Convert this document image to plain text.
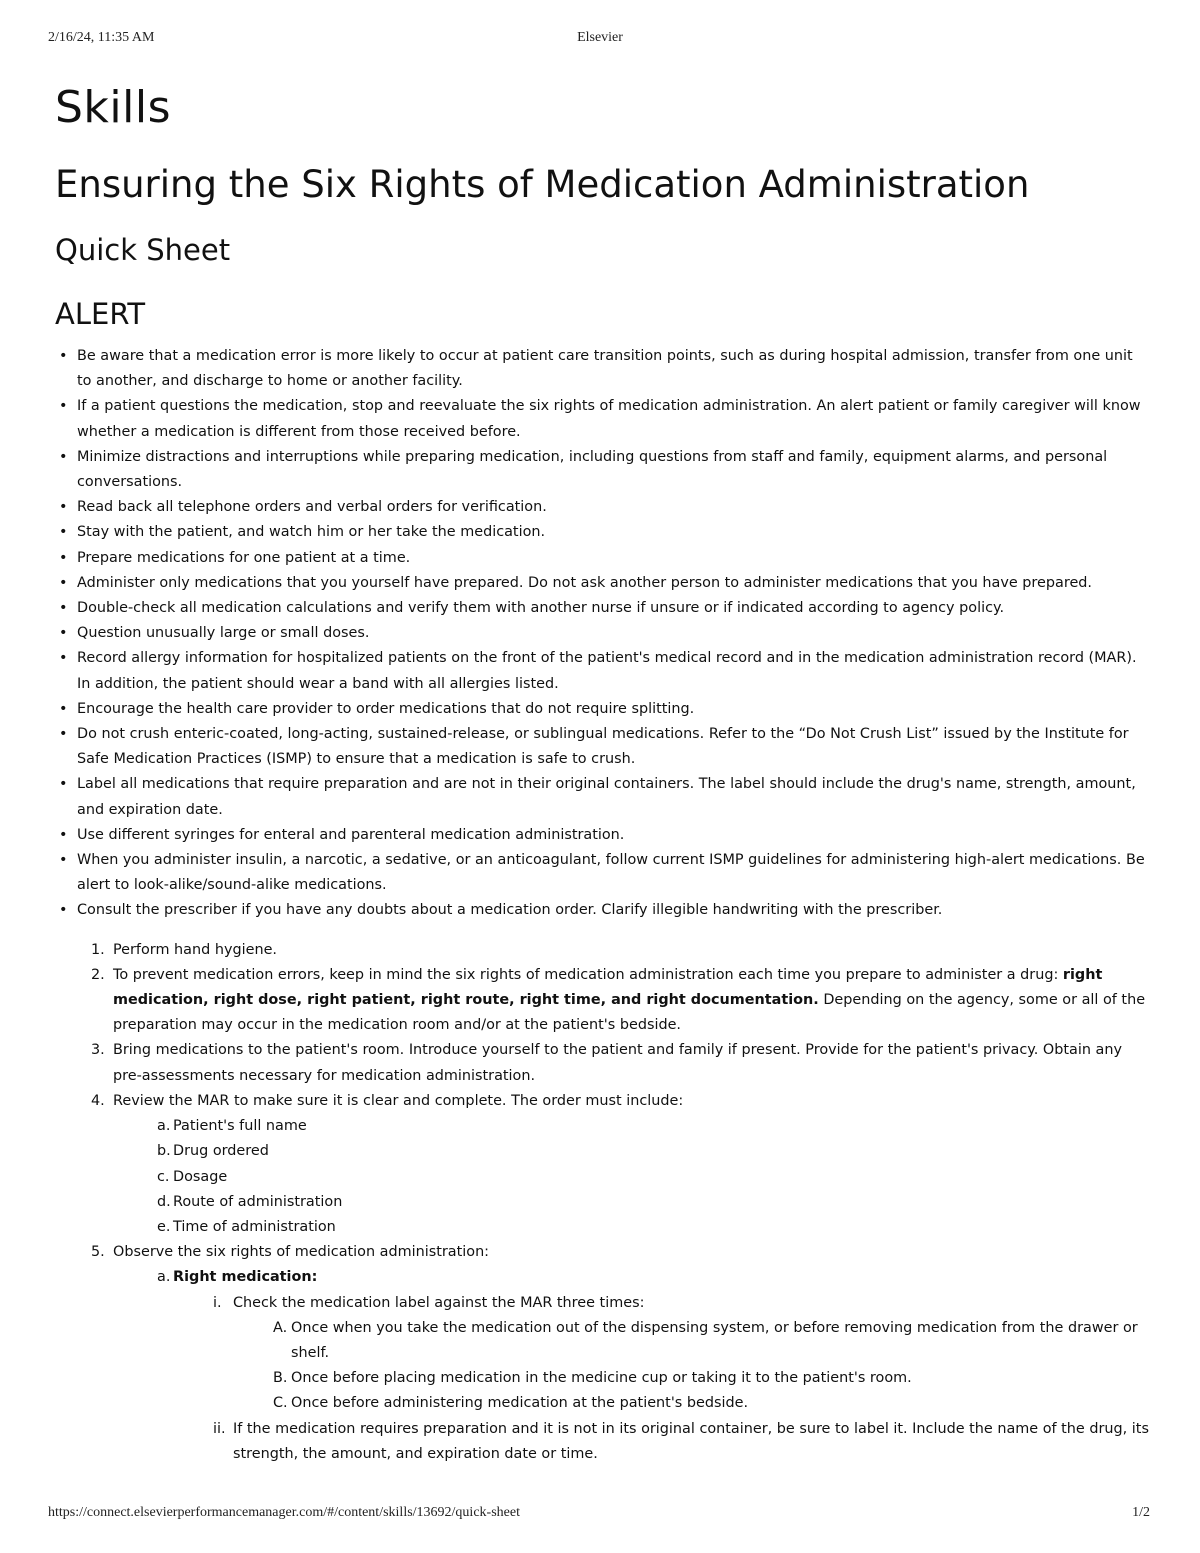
2/16/24, 11:35 AM	Elsevier
Skills
Ensuring the Six Rights of Medication Administration
Quick Sheet
ALERT
• Be aware that a medication error is more likely to occur at patient care transition points, such as during hospital admission, transfer from one unit to another, and discharge to home or another facility.
• If a patient questions the medication, stop and reevaluate the six rights of medication administration. An alert patient or family caregiver will know whether a medication is different from those received before.
• Minimize distractions and interruptions while preparing medication, including questions from staff and family, equipment alarms, and personal conversations.
• Read back all telephone orders and verbal orders for verification.
• Stay with the patient, and watch him or her take the medication.
• Prepare medications for one patient at a time.
• Administer only medications that you yourself have prepared. Do not ask another person to administer medications that you have prepared.
• Double-check all medication calculations and verify them with another nurse if unsure or if indicated according to agency policy.
• Question unusually large or small doses.
• Record allergy information for hospitalized patients on the front of the patient's medical record and in the medication administration record (MAR). In addition, the patient should wear a band with all allergies listed.
• Encourage the health care provider to order medications that do not require splitting.
• Do not crush enteric-coated, long-acting, sustained-release, or sublingual medications. Refer to the “Do Not Crush List” issued by the Institute for Safe Medication Practices (ISMP) to ensure that a medication is safe to crush.
• Label all medications that require preparation and are not in their original containers. The label should include the drug's name, strength, amount, and expiration date.
• Use different syringes for enteral and parenteral medication administration.
• When you administer insulin, a narcotic, a sedative, or an anticoagulant, follow current ISMP guidelines for administering high-alert medications. Be alert to look-alike/sound-alike medications.
• Consult the prescriber if you have any doubts about a medication order. Clarify illegible handwriting with the prescriber.
1. Perform hand hygiene.
2. To prevent medication errors, keep in mind the six rights of medication administration each time you prepare to administer a drug: right medication, right dose, right patient, right route, right time, and right documentation. Depending on the agency, some or all of the preparation may occur in the medication room and/or at the patient's bedside.
3. Bring medications to the patient's room. Introduce yourself to the patient and family if present. Provide for the patient's privacy. Obtain any pre-assessments necessary for medication administration.
4. Review the MAR to make sure it is clear and complete. The order must include:
a. Patient's full name
b. Drug ordered
c. Dosage
d. Route of administration
e. Time of administration
5. Observe the six rights of medication administration:
a. Right medication:
i. Check the medication label against the MAR three times:
A. Once when you take the medication out of the dispensing system, or before removing medication from the drawer or shelf.
B. Once before placing medication in the medicine cup or taking it to the patient's room.
C. Once before administering medication at the patient's bedside.
ii. If the medication requires preparation and it is not in its original container, be sure to label it. Include the name of the drug, its strength, the amount, and expiration date or time.
https://connect.elsevierperformancemanager.com/#/content/skills/13692/quick-sheet	1/2
